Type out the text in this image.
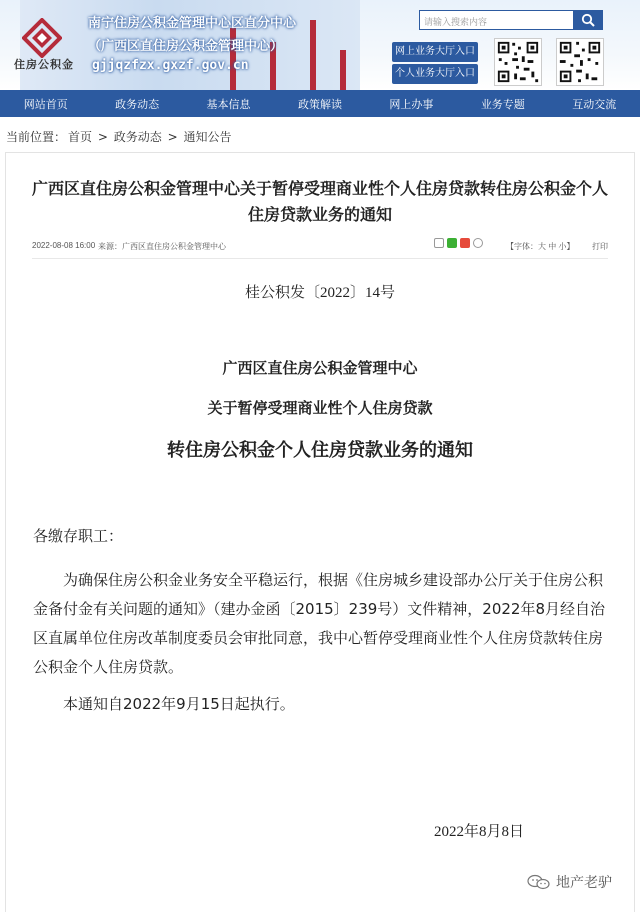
住房公积金
南宁住房公积金管理中心区直分中心
（广西区直住房公积金管理中心）
gjjqzfzx.gxzf.gov.cn
请输入搜索内容
网上业务大厅入口
个人业务大厅入口
网站首页	政务动态	基本信息	政策解读	网上办事	业务专题	互动交流
当前位置： 首页 > 政务动态 > 通知公告
广西区直住房公积金管理中心关于暂停受理商业性个人住房贷款转住房公积金个人住房贷款业务的通知
2022-08-08 16:00 来源：广西区直住房公积金管理中心	【字体：大 中 小】 打印
桂公积发〔2022〕14号
广西区直住房公积金管理中心
关于暂停受理商业性个人住房贷款
转住房公积金个人住房贷款业务的通知
各缴存职工：
为确保住房公积金业务安全平稳运行，根据《住房城乡建设部办公厅关于住房公积金备付金有关问题的通知》（建办金函〔2015〕239号）文件精神，2022年8月经自治区直属单位住房改革制度委员会审批同意，我中心暂停受理商业性个人住房贷款转住房公积金个人住房贷款。
本通知自2022年9月15日起执行。
2022年8月8日
地产老驴
